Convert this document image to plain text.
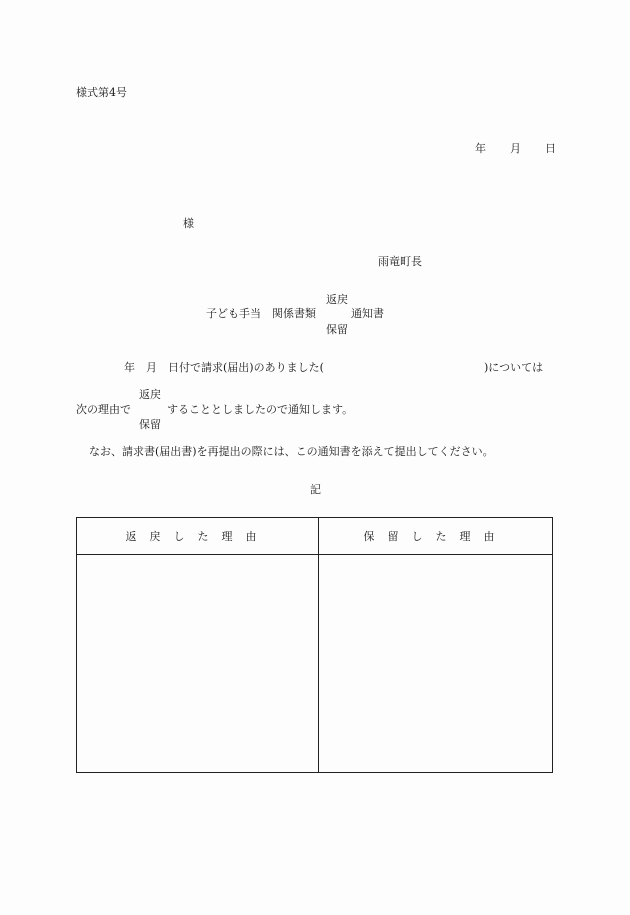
様式第4号
年 月 日
様
雨竜町長
返戻
子ども手当　関係書類	通知書
保留
年　月　日付で請求(届出)のありました(	)については
返戻
次の理由で	することとしましたので通知します。
保留
なお、請求書(届出書)を再提出の際には、この通知書を添えて提出してください。
記
返戻した理由	保留した理由
